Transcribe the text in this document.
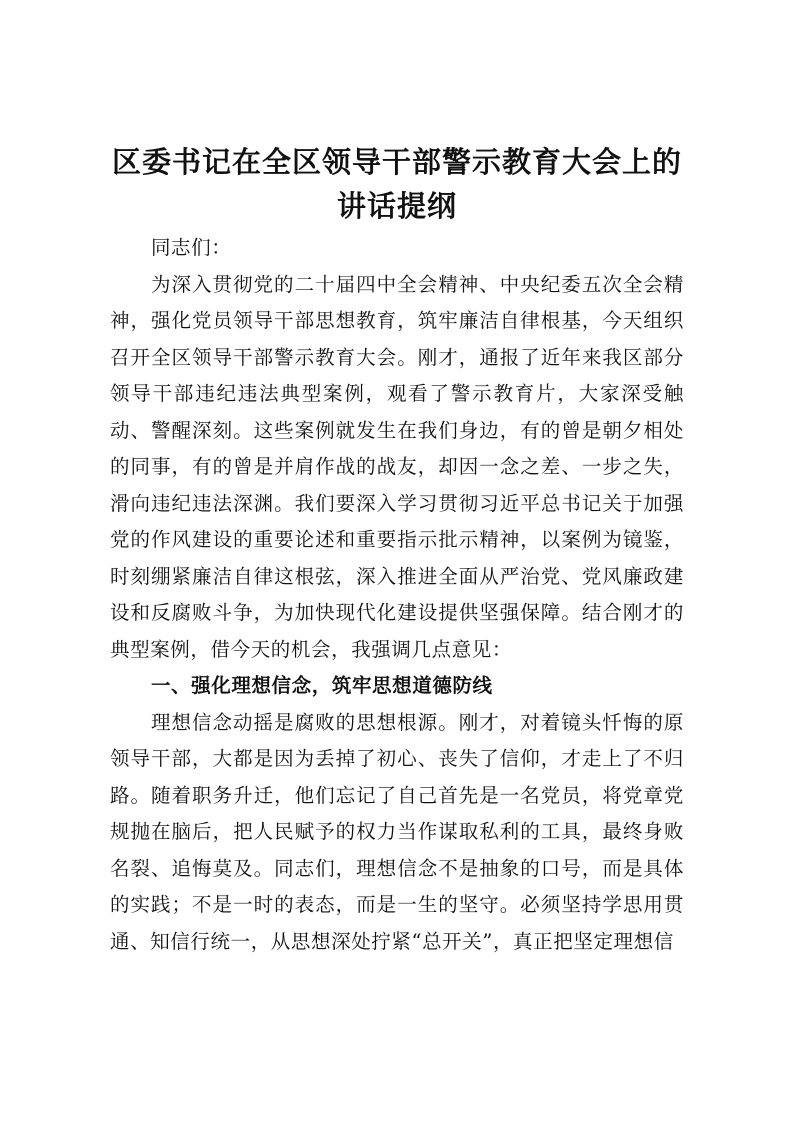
区委书记在全区领导干部警示教育大会上的讲话提纲

同志们：

为深入贯彻党的二十届四中全会精神、中央纪委五次全会精神，强化党员领导干部思想教育，筑牢廉洁自律根基，今天组织召开全区领导干部警示教育大会。刚才，通报了近年来我区部分领导干部违纪违法典型案例，观看了警示教育片，大家深受触动、警醒深刻。这些案例就发生在我们身边，有的曾是朝夕相处的同事，有的曾是并肩作战的战友，却因一念之差、一步之失，滑向违纪违法深渊。我们要深入学习贯彻习近平总书记关于加强党的作风建设的重要论述和重要指示批示精神，以案例为镜鉴，时刻绷紧廉洁自律这根弦，深入推进全面从严治党、党风廉政建设和反腐败斗争，为加快现代化建设提供坚强保障。结合刚才的典型案例，借今天的机会，我强调几点意见：

一、强化理想信念，筑牢思想道德防线

理想信念动摇是腐败的思想根源。刚才，对着镜头忏悔的原领导干部，大都是因为丢掉了初心、丧失了信仰，才走上了不归路。随着职务升迁，他们忘记了自己首先是一名党员，将党章党规抛在脑后，把人民赋予的权力当作谋取私利的工具，最终身败名裂、追悔莫及。同志们，理想信念不是抽象的口号，而是具体的实践；不是一时的表态，而是一生的坚守。必须坚持学思用贯通、知信行统一，从思想深处拧紧“总开关”，真正把坚定理想信
